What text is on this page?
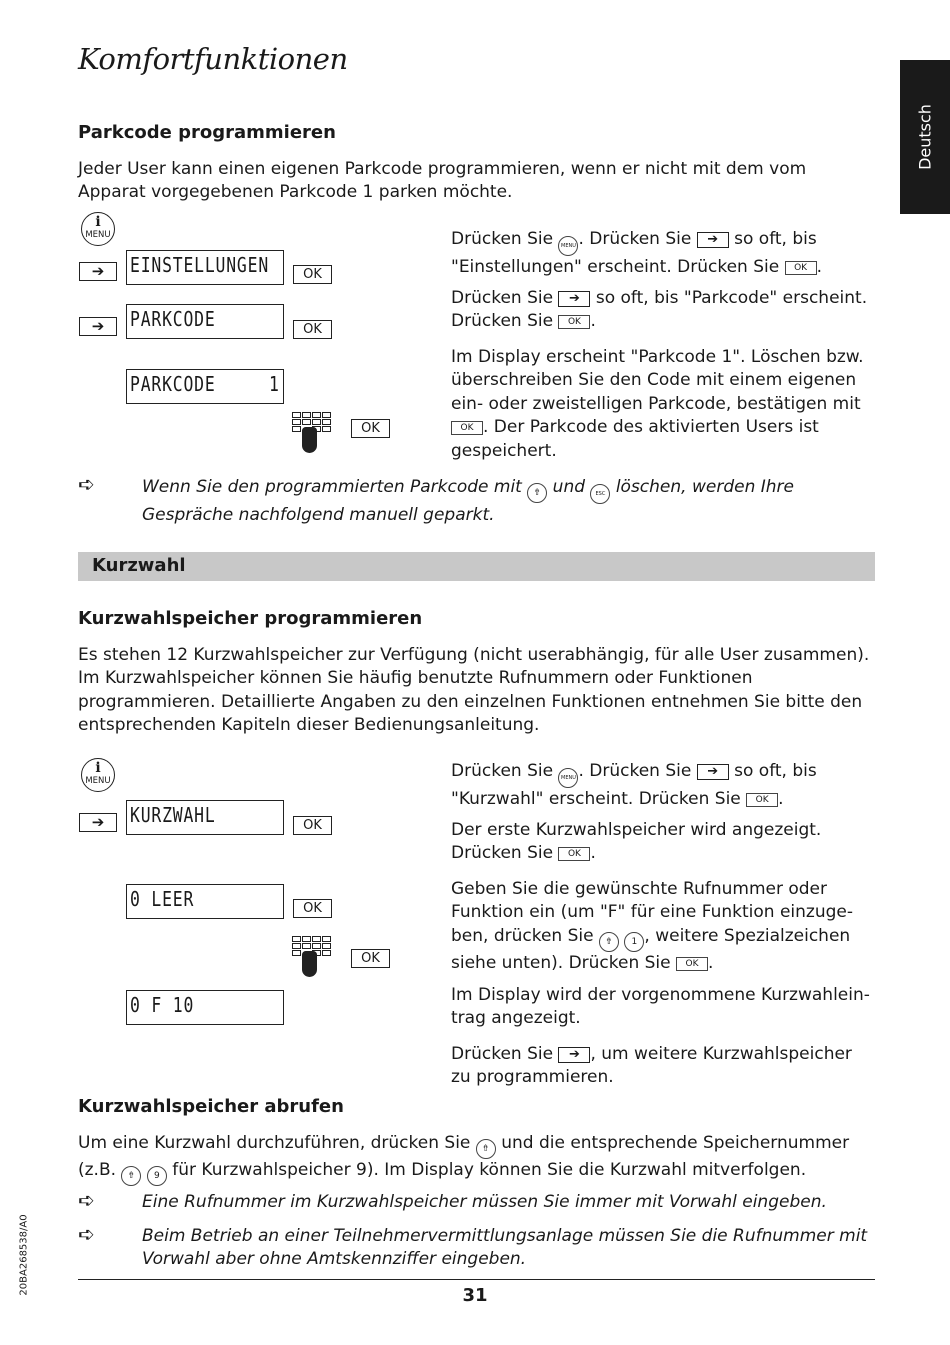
Komfortfunktionen
Deutsch
Parkcode programmieren

Jeder User kann einen eigenen Parkcode programmieren, wenn er nicht mit dem vom Apparat vorgegebenen Parkcode 1 parken möchte.

i
MENU
➔	EINSTELLUNGEN	OK
➔	PARKCODE	OK
PARKCODE     1
OK

Drücken Sie MENU . Drücken Sie ➔ so oft, bis "Einstellungen" erscheint. Drücken Sie OK .

Drücken Sie ➔ so oft, bis "Parkcode" erscheint. Drücken Sie OK .

Im Display erscheint "Parkcode 1". Löschen bzw. überschreiben Sie den Code mit einem eigenen ein- oder zweistelligen Parkcode, bestätigen mit OK . Der Parkcode des aktivierten Users ist gespeichert.

➪	Wenn Sie den programmierten Parkcode mit ⇮ und ESC löschen, werden Ihre Gespräche nachfolgend manuell geparkt.

Kurzwahl
Kurzwahlspeicher programmieren

Es stehen 12 Kurzwahlspeicher zur Verfügung (nicht userabhängig, für alle User zusammen). Im Kurzwahlspeicher können Sie häufig benutzte Rufnummern oder Funktionen programmieren. Detaillierte Angaben zu den einzelnen Funktionen entnehmen Sie bitte den entsprechenden Kapiteln dieser Bedienungsanleitung.

i
MENU
➔	KURZWAHL	OK
0 LEER	OK
OK
0 F 10

Drücken Sie MENU . Drücken Sie ➔ so oft, bis "Kurzwahl" erscheint. Drücken Sie OK .

Der erste Kurzwahlspeicher wird angezeigt. Drücken Sie OK .

Geben Sie die gewünschte Rufnummer oder Funktion ein (um "F" für eine Funktion einzuge-ben, drücken Sie ⇮ 1 , weitere Spezialzeichen siehe unten). Drücken Sie OK .

Im Display wird der vorgenommene Kurzwahlein-trag angezeigt.

Drücken Sie ➔ , um weitere Kurzwahlspeicher zu programmieren.

Kurzwahlspeicher abrufen

Um eine Kurzwahl durchzuführen, drücken Sie ⇮ und die entsprechende Speichernummer (z.B. ⇮ 9 für Kurzwahlspeicher 9). Im Display können Sie die Kurzwahl mitverfolgen.

➪	Eine Rufnummer im Kurzwahlspeicher müssen Sie immer mit Vorwahl eingeben.

➪	Beim Betrieb an einer Teilnehmervermittlungsanlage müssen Sie die Rufnummer mit Vorwahl aber ohne Amtskennziffer eingeben.

31
20BA268538/A0
